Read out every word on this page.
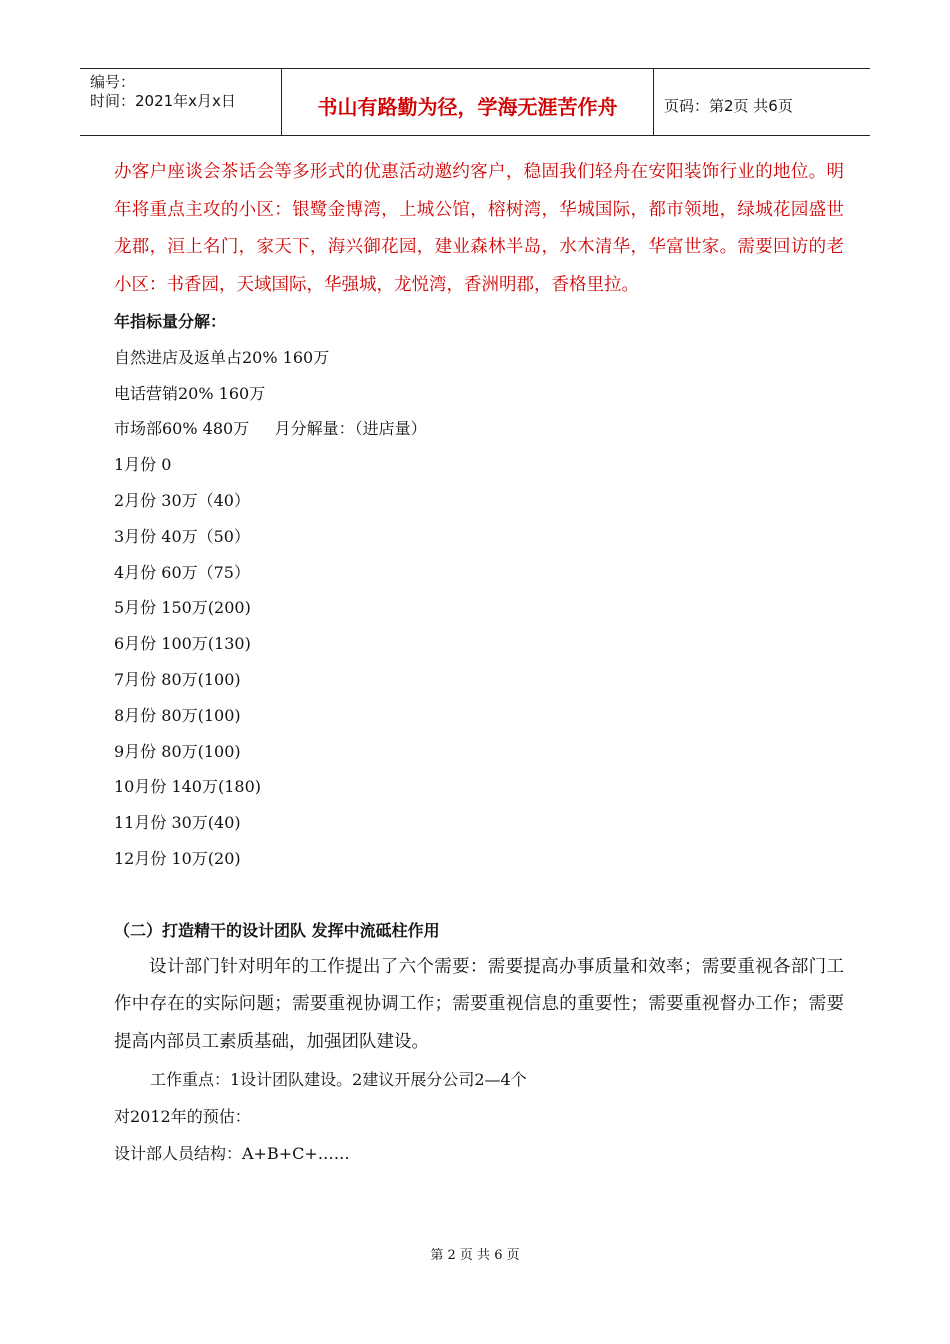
编号：
时间：2021年x月x日	书山有路勤为径，学海无涯苦作舟	页码：第2页 共6页

办客户座谈会茶话会等多形式的优惠活动邀约客户，稳固我们轻舟在安阳装饰行业的地位。明年将重点主攻的小区：银鹭金博湾，上城公馆，榕树湾，华城国际，都市领地，绿城花园盛世龙郡，洹上名门，家天下，海兴御花园，建业森林半岛，水木清华，华富世家。需要回访的老小区：书香园，天域国际，华强城，龙悦湾，香洲明郡，香格里拉。

年指标量分解：

自然进店及返单占20% 160万

电话营销20% 160万

市场部60% 480万     月分解量：（进店量）

1月份 0

2月份 30万（40）

3月份 40万（50）

4月份 60万（75）

5月份 150万(200)

6月份 100万(130)

7月份 80万(100)

8月份 80万(100)

9月份 80万(100)

10月份 140万(180)

11月份 30万(40)

12月份 10万(20)

（二）打造精干的设计团队 发挥中流砥柱作用

设计部门针对明年的工作提出了六个需要：需要提高办事质量和效率；需要重视各部门工作中存在的实际问题；需要重视协调工作；需要重视信息的重要性；需要重视督办工作；需要提高内部员工素质基础，加强团队建设。

工作重点：1设计团队建设。2建议开展分公司2—4个

对2012年的预估：

设计部人员结构：A+B+C+……

第 2 页 共 6 页
